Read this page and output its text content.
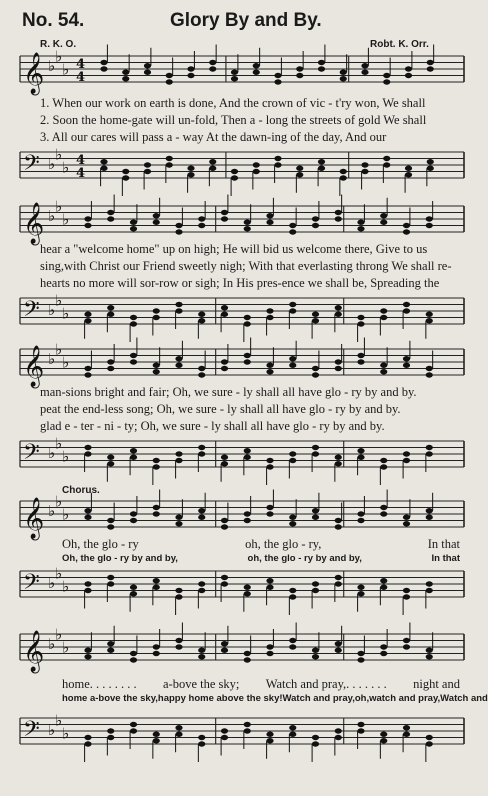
No. 54.	Glory By and By.
R. K. O.	Robt. K. Orr.
𝄞 ♭
♭
♭ 4
4
1. When our work on earth is done, And the crown of vic - t'ry won, We shall
2. Soon the home-gate will un-fold, Then a - long the streets of gold We shall
3. All our cares will pass a - way At the dawn-ing of the day, And our
𝄢 ♭
♭
♭ 4
4
𝄞 ♭
♭
♭
hear a "welcome home" up on high; He will bid us welcome there, Give to us
sing,with Christ our Friend sweetly nigh; With that everlasting throng We shall re-
hearts no more will sor-row or sigh; In His pres-ence we shall be, Spreading the
𝄢 ♭
♭
♭
𝄞 ♭
♭
♭
man-sions bright and fair; Oh, we sure - ly shall all have glo - ry by and by.
peat the end-less song; Oh, we sure - ly shall all have glo - ry by and by.
glad e - ter - ni - ty; Oh, we sure - ly shall all have glo - ry by and by.
𝄢 ♭
♭
♭
Chorus.
𝄞 ♭
♭
♭
Oh, the glo - ry	oh, the glo - ry,	In that
Oh, the glo - ry by and by,	oh, the glo - ry by and by,	In that
𝄢 ♭
♭
♭
𝄞 ♭
♭
♭
home. . . . . . . . a-bove the sky; Watch and pray,. . . . . . . night and
home a-bove the sky, happy home above the sky! Watch and pray,oh,watch and pray, Watch and
𝄢 ♭
♭
♭
